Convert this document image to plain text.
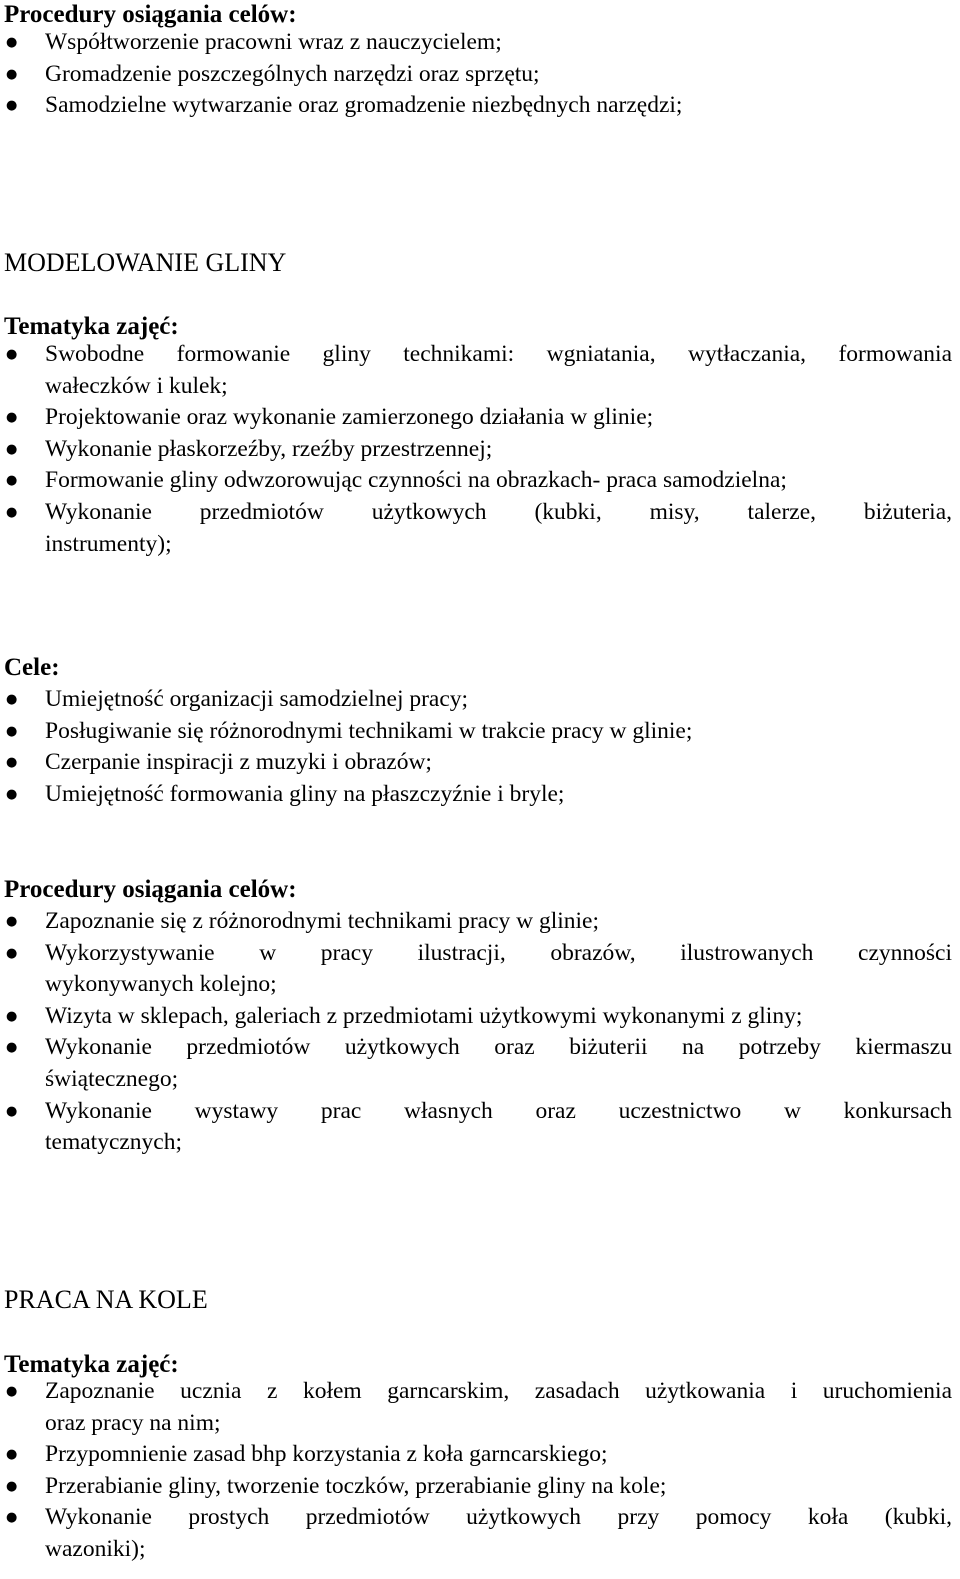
Procedury osiągania celów:
Współtworzenie pracowni wraz z nauczycielem;
●
Gromadzenie poszczególnych narzędzi oraz sprzętu;
●
Samodzielne wytwarzanie oraz gromadzenie niezbędnych narzędzi;
●
MODELOWANIE GLINY
Tematyka zajęć:
Swobodne formowanie gliny technikami: wgniatania, wytłaczania, formowania
●
wałeczków i kulek;
Projektowanie oraz wykonanie zamierzonego działania w glinie;
●
Wykonanie płaskorzeźby, rzeźby przestrzennej;
●
Formowanie gliny odwzorowując czynności na obrazkach- praca samodzielna;
●
Wykonanie przedmiotów użytkowych (kubki, misy, talerze, biżuteria,
●
instrumenty);
Cele:
Umiejętność organizacji samodzielnej pracy;
●
Posługiwanie się różnorodnymi technikami w trakcie pracy w glinie;
●
Czerpanie inspiracji z muzyki i obrazów;
●
Umiejętność formowania gliny na płaszczyźnie i bryle;
●
Procedury osiągania celów:
Zapoznanie się z różnorodnymi technikami pracy w glinie;
●
Wykorzystywanie w pracy ilustracji, obrazów, ilustrowanych czynności
●
wykonywanych kolejno;
Wizyta w sklepach, galeriach z przedmiotami użytkowymi wykonanymi z gliny;
●
Wykonanie przedmiotów użytkowych oraz biżuterii na potrzeby kiermaszu
●
świątecznego;
Wykonanie wystawy prac własnych oraz uczestnictwo w konkursach
●
tematycznych;
PRACA NA KOLE
Tematyka zajęć:
Zapoznanie ucznia z kołem garncarskim, zasadach użytkowania i uruchomienia
●
oraz pracy na nim;
Przypomnienie zasad bhp korzystania z koła garncarskiego;
●
Przerabianie gliny, tworzenie toczków, przerabianie gliny na kole;
●
Wykonanie prostych przedmiotów użytkowych przy pomocy koła (kubki,
●
wazoniki);
